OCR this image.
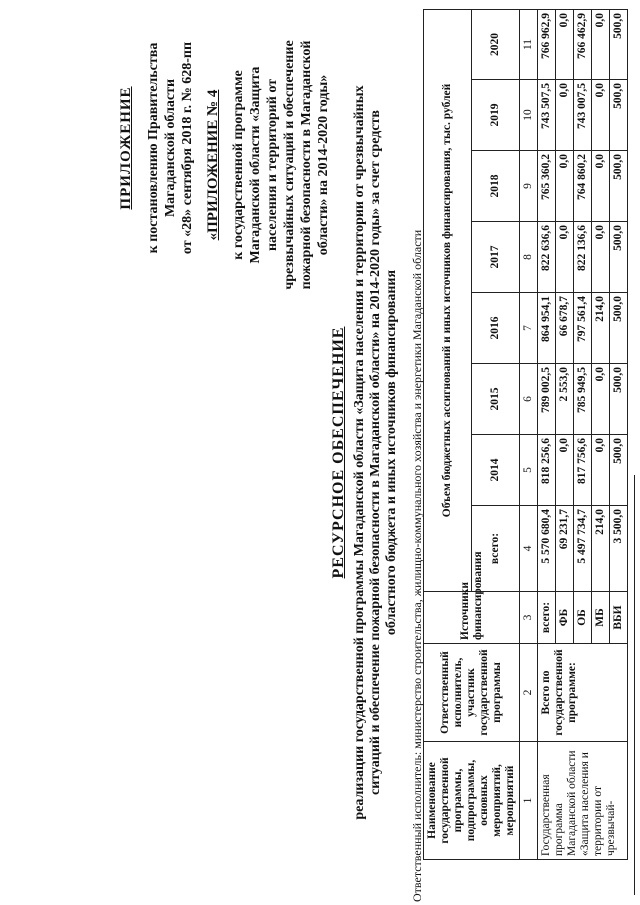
ПРИЛОЖЕНИЕ к постановлению Правительства Магаданской области от «28» сентября 2018 г. № 628-пп «ПРИЛОЖЕНИЕ № 4 к государственной программе Магаданской области «Защита населения и территорий от чрезвычайных ситуаций и обеспечение пожарной безопасности в Магаданской области» на 2014-2020 годы»
РЕСУРСНОЕ ОБЕСПЕЧЕНИЕ реализации государственной программы Магаданской области «Защита населения и территории от чрезвычайных ситуаций и обеспечение пожарной безопасности в Магаданской области» на 2014-2020 годы» за счет средств областного бюджета и иных источников финансирования Ответственный исполнитель: министерство строительства, жилищно-коммунального хозяйства и энергетики Магаданской области Наименование государственной программы, подпрограммы, основных мероприятий, мероприятий	Ответственный исполнитель, участник государственной программы	Источники финансирования	Объем бюджетных ассигнований и иных источников финансирования, тыс. рублей							
			всего:	2014	2015	2016	2017	2018	2019	2020
1	2	3	4	5	6	7	8	9	10	11
Государственная программа Магаданской области «Защита населения и территории от чрезвычай-	Всего по государственной программе:	всего:	5 570 680,4	818 256,6	789 002,5	864 954,1	822 636,6	765 360,2	743 507,5	766 962,9
		ФБ	69 231,7	0,0	2 553,0	66 678,7	0,0	0,0	0,0	0,0
		ОБ	5 497 734,7	817 756,6	785 949,5	797 561,4	822 136,6	764 860,2	743 007,5	766 462,9
		МБ	214,0	0,0	0,0	214,0	0,0	0,0	0,0	0,0
		ВБИ	3 500,0	500,0	500,0	500,0	500,0	500,0	500,0	500,0
